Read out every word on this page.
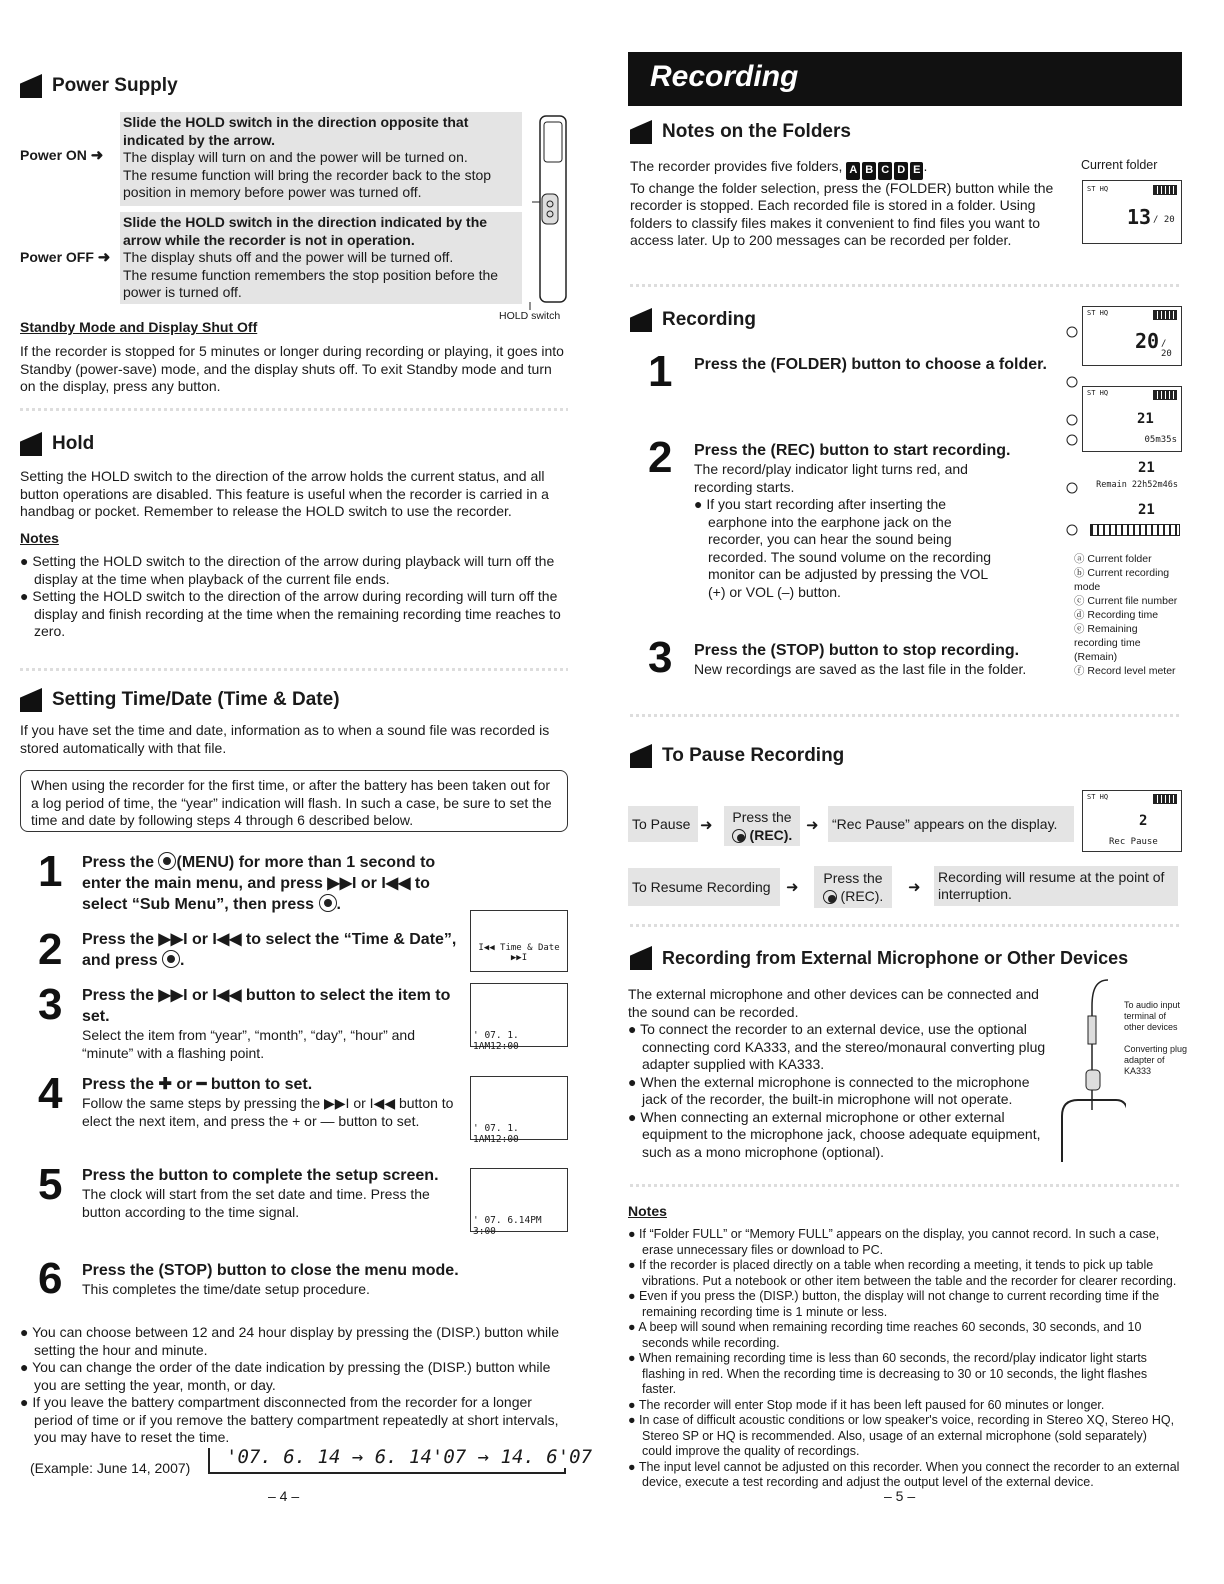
Power Supply
Slide the HOLD switch in the direction opposite that indicated by the arrow.
The display will turn on and the power will be turned on.
The resume function will bring the recorder back to the stop position in memory before power was turned off.
Power ON ➜
Slide the HOLD switch in the direction indicated by the arrow while the recorder is not in operation.
The display shuts off and the power will be turned off.
The resume function remembers the stop position before the power is turned off.
Power OFF ➜
HOLD switch
Standby Mode and Display Shut Off
If the recorder is stopped for 5 minutes or longer during recording or playing, it goes into Standby (power-save) mode, and the display shuts off. To exit Standby mode and turn on the display, press any button.
Hold
Setting the HOLD switch to the direction of the arrow holds the current status, and all button operations are disabled. This feature is useful when the recorder is carried in a handbag or pocket. Remember to release the HOLD switch to use the recorder.
Notes
● Setting the HOLD switch to the direction of the arrow during playback will turn off the display at the time when playback of the current file ends.
● Setting the HOLD switch to the direction of the arrow during recording will turn off the display and finish recording at the time when the remaining recording time reaches to zero.
Setting Time/Date (Time & Date)
If you have set the time and date, information as to when a sound file was recorded is stored automatically with that file.
When using the recorder for the first time, or after the battery has been taken out for a log period of time, the “year” indication will flash. In such a case, be sure to set the time and date by following steps 4 through 6 described below.
1 Press the (MENU) for more than 1 second to enter the main menu, and press ▶▶I or I◀◀ to select “Sub Menu”, then press .
2 Press the ▶▶I or I◀◀ to select the “Time & Date”, and press .
I◀◀ Time & Date ▶▶I
3 Press the ▶▶I or I◀◀ button to select the item to set.
Select the item from “year”, “month”, “day”, “hour” and “minute” with a flashing point.
' 07. 1. 1AM12:00
4 Press the ✚ or ━ button to set.
Follow the same steps by pressing the ▶▶I or I◀◀ button to elect the next item, and press the + or — button to set.	' 07. 1. 1AM12:00
5 Press the button to complete the setup screen.
The clock will start from the set date and time. Press the button according to the time signal.
' 07. 6.14PM 3:00
6 Press the (STOP) button to close the menu mode.
This completes the time/date setup procedure.
● You can choose between 12 and 24 hour display by pressing the (DISP.) button while setting the hour and minute.
● You can change the order of the date indication by pressing the (DISP.) button while you are setting the year, month, or day.
● If you leave the battery compartment disconnected from the recorder for a longer period of time or if you remove the battery compartment repeatedly at short intervals, you may have to reset the time.
(Example: June 14, 2007) '07. 6. 14 → 6. 14'07 → 14. 6'07
– 4 –
Recording
Notes on the Folders
The recorder provides five folders, A B C D E .
To change the folder selection, press the (FOLDER) button while the recorder is stopped. Each recorded file is stored in a folder. Using folders to classify files makes it convenient to find files you want to access later. Up to 200 messages can be recorded per folder.
Current folder
ST HQ
13 / 20
Recording
1 Press the (FOLDER) button to choose a folder.
2 Press the (REC) button to start recording.
The record/play indicator light turns red, and recording starts.
● If you start recording after inserting the earphone into the earphone jack on the recorder, you can hear the sound being recorded. The sound volume on the recording monitor can be adjusted by pressing the VOL (+) or VOL (–) button.
3 Press the (STOP) button to stop recording.
New recordings are saved as the last file in the folder.
ST HQ
20 / 20
ST HQ
21
05m35s
21
Remain 22h52m46s
21
ⓐ Current folder
ⓑ Current recording mode
ⓒ Current file number
ⓓ Recording time
ⓔ Remaining recording time (Remain)
ⓕ Record level meter
To Pause Recording
To Pause ➜	Press the
(REC).
➜ “Rec Pause” appears on the display.
ST HQ
2
Rec Pause
To Resume Recording	➜
Press the
(REC).	➜
Recording will resume at the point of interruption.
Recording from External Microphone or Other Devices
The external microphone and other devices can be connected and the sound can be recorded.
● To connect the recorder to an external device, use the optional connecting cord KA333, and the stereo/monaural converting plug adapter supplied with KA333.
● When the external microphone is connected to the microphone jack of the recorder, the built-in microphone will not operate.
● When connecting an external microphone or other external equipment to the microphone jack, choose adequate equipment, such as a mono microphone (optional).
To audio input terminal of other devices
Converting plug adapter of KA333
Notes
● If “Folder FULL” or “Memory FULL” appears on the display, you cannot record. In such a case, erase unnecessary files or download to PC.
● If the recorder is placed directly on a table when recording a meeting, it tends to pick up table vibrations. Put a notebook or other item between the table and the recorder for clearer recording.
● Even if you press the (DISP.) button, the display will not change to current recording time if the remaining recording time is 1 minute or less.
● A beep will sound when remaining recording time reaches 60 seconds, 30 seconds, and 10 seconds while recording.
● When remaining recording time is less than 60 seconds, the record/play indicator light starts flashing in red. When the recording time is decreasing to 30 or 10 seconds, the light flashes faster.
● The recorder will enter Stop mode if it has been left paused for 60 minutes or longer.
● In case of difficult acoustic conditions or low speaker's voice, recording in Stereo XQ, Stereo HQ, Stereo SP or HQ is recommended. Also, usage of an external microphone (sold separately) could improve the quality of recordings.
● The input level cannot be adjusted on this recorder. When you connect the recorder to an external device, execute a test recording and adjust the output level of the external device.
– 5 –
